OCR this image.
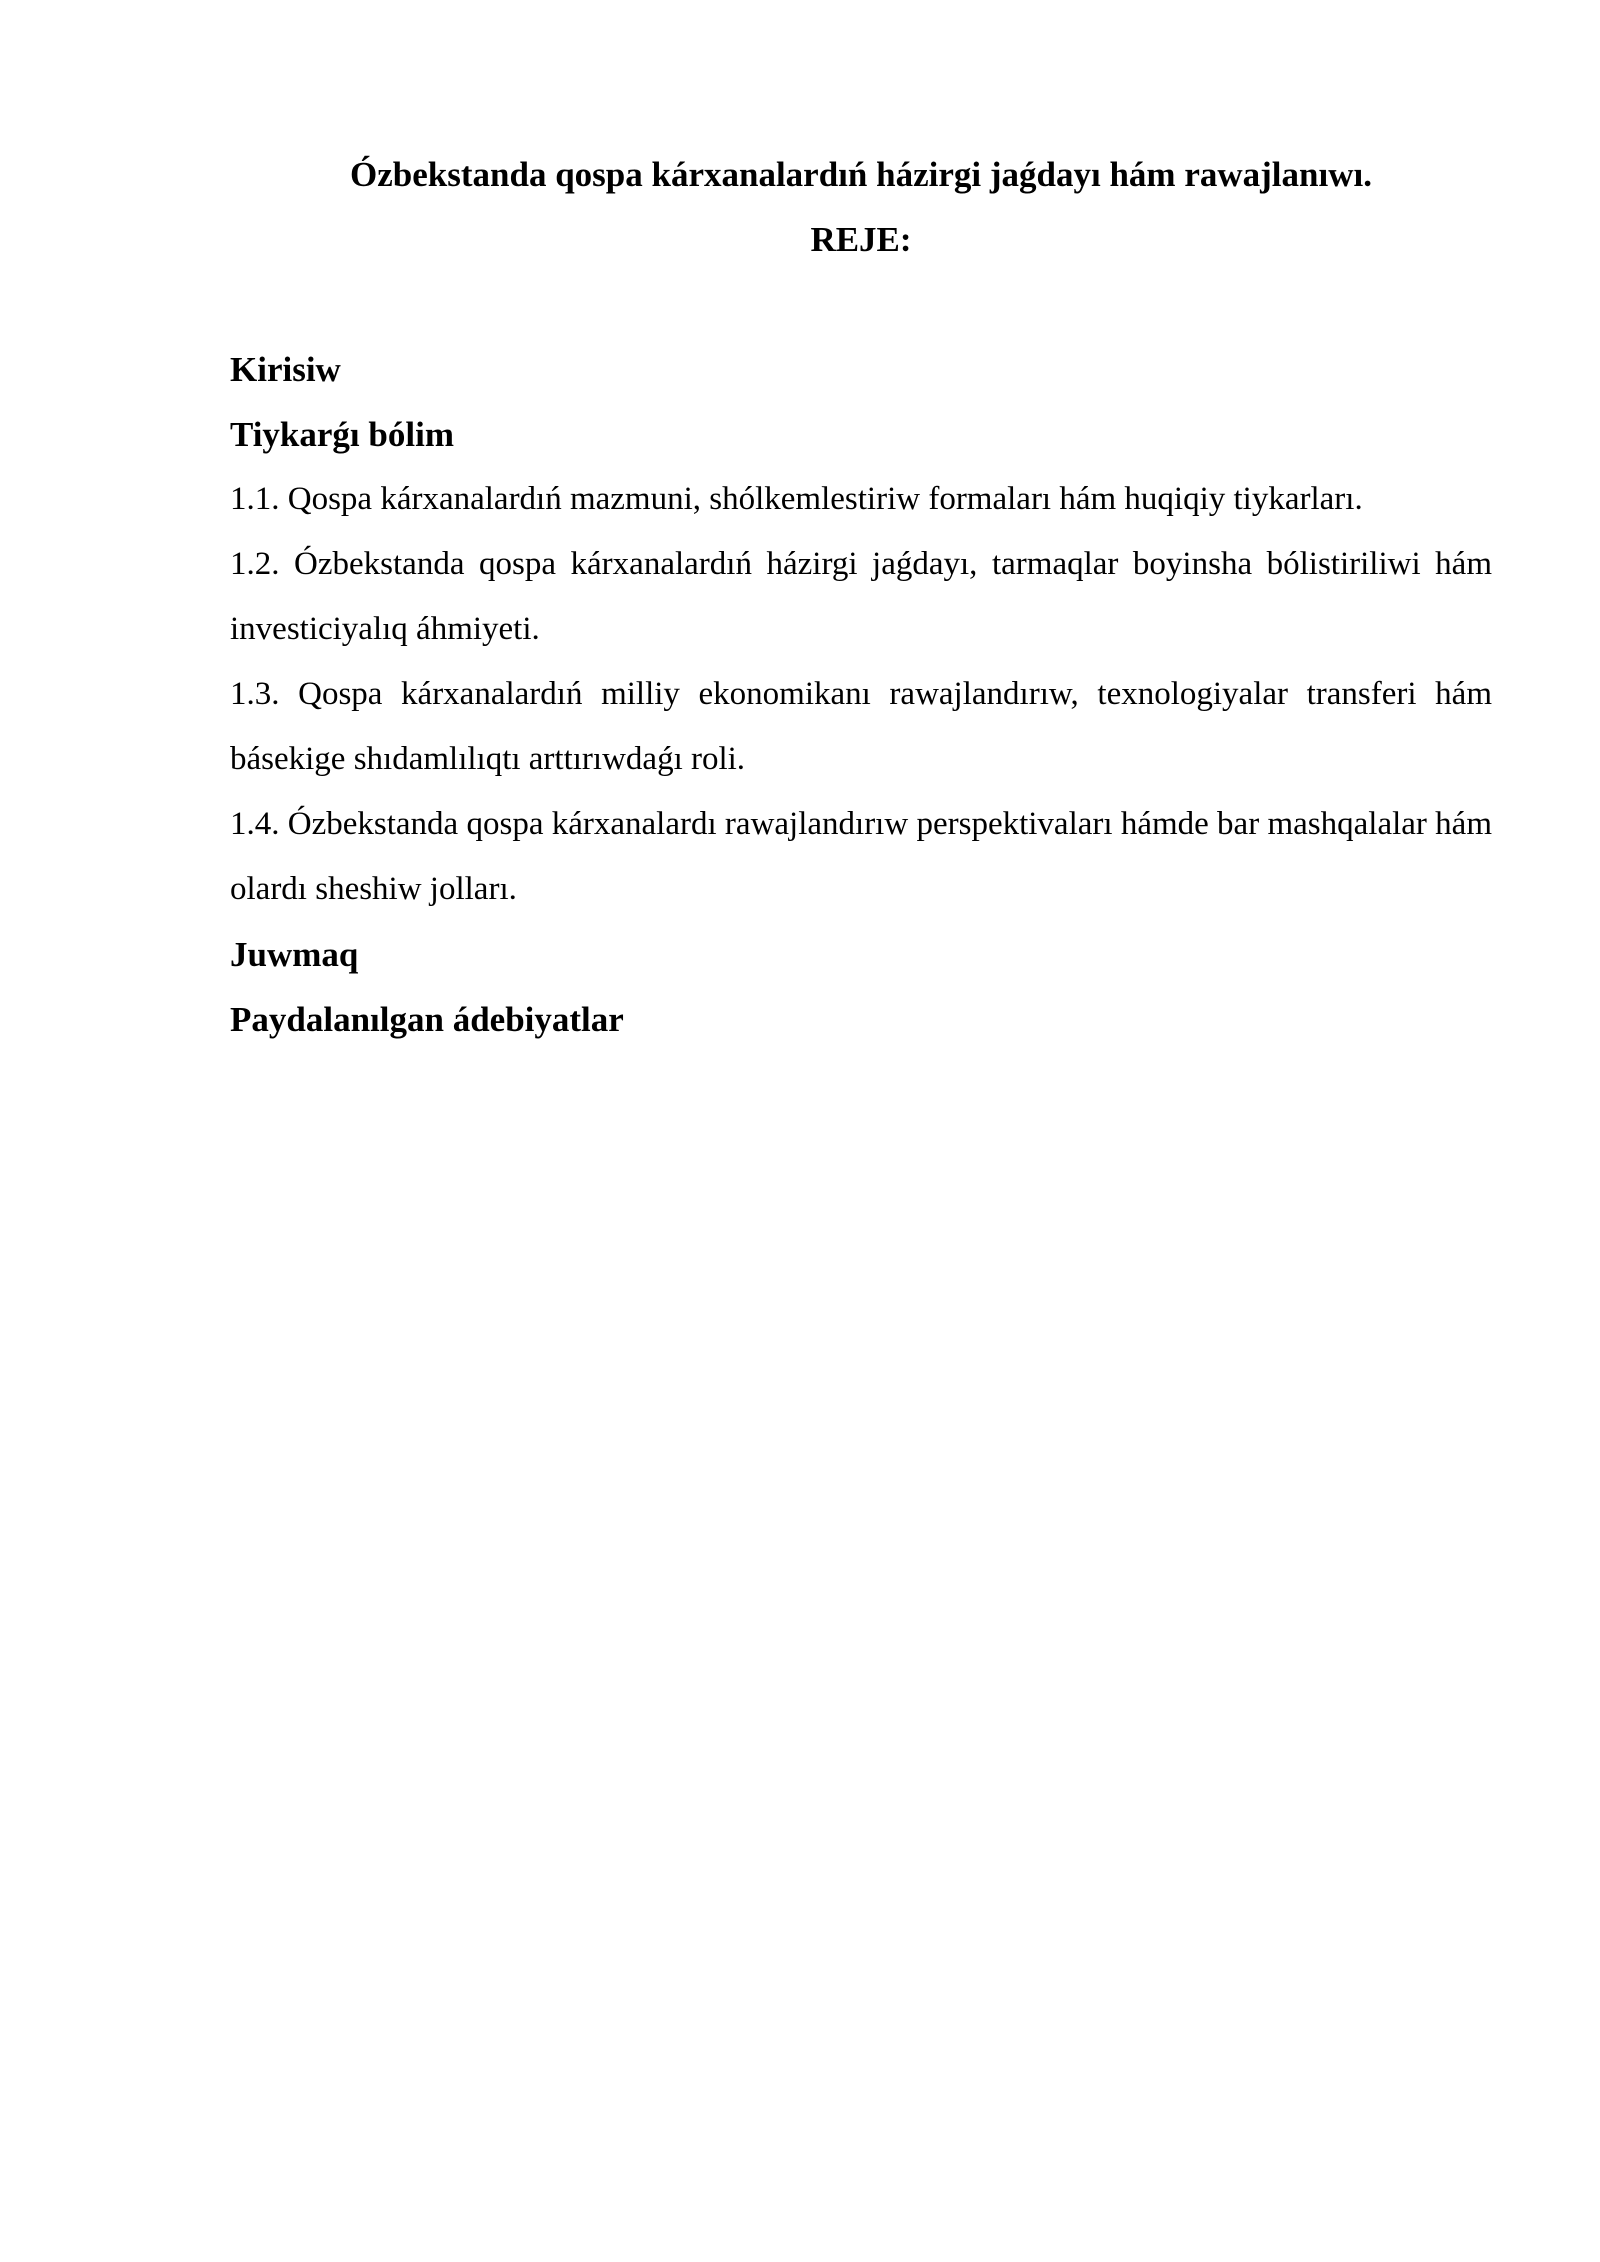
Ózbekstanda qospa kárxanalardıń házirgi jaǵdayı hám rawajlanıwı.

REJE:

Kirisiw

Tiykarǵı bólim

1.1. Qospa kárxanalardıń mazmuni, shólkemlestiriw formaları hám huqiqiy tiykarları.

1.2. Ózbekstanda qospa kárxanalardıń házirgi jaǵdayı, tarmaqlar boyinsha bólistiriliwi hám investiciyalıq áhmiyeti.

1.3. Qospa kárxanalardıń milliy ekonomikanı rawajlandırıw, texnologiyalar transferi hám básekige shıdamlılıqtı arttırıwdaǵı roli.

1.4. Ózbekstanda qospa kárxanalardı rawajlandırıw perspektivaları hámde bar mashqalalar hám olardı sheshiw jolları.

Juwmaq

Paydalanılgan ádebiyatlar
